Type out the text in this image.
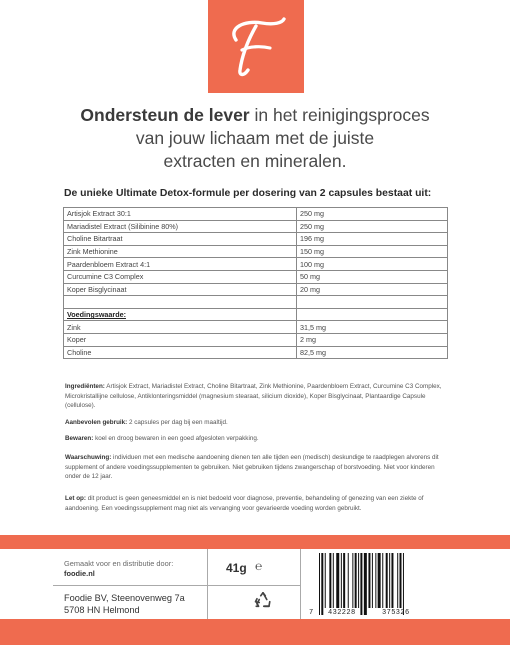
Ondersteun de lever in het reinigingsproces
van jouw lichaam met de juiste
extracten en mineralen.
De unieke Ultimate Detox-formule per dosering van 2 capsules bestaat uit:
Artisjok Extract 30:1	250 mg
Mariadistel Extract (Silibinine 80%)	250 mg
Choline Bitartraat	196 mg
Zink Methionine	150 mg
Paardenbloem Extract 4:1	100 mg
Curcumine C3 Complex	50 mg
Koper Bisglycinaat	20 mg

Voedingswaarde:	
Zink	31,5 mg
Koper	2 mg
Choline	82,5 mg
Ingrediënten: Artisjok Extract, Mariadistel Extract, Choline Bitartraat, Zink Methionine, Paardenbloem Extract, Curcumine C3 Complex, Microkristallijne cellulose, Antiklonteringsmiddel (magnesium stearaat, silicium dioxide), Koper Bisglycinaat, Plantaardige Capsule (cellulose).
Aanbevolen gebruik: 2 capsules per dag bij een maaltijd.
Bewaren: koel en droog bewaren in een goed afgesloten verpakking.
Waarschuwing: individuen met een medische aandoening dienen ten alle tijden een (medisch) deskundige te raadplegen alvorens dit supplement of andere voedingssupplementen te gebruiken. Niet gebruiken tijdens zwangerschap of borstvoeding. Niet voor kinderen onder de 12 jaar.
Let op: dit product is geen geneesmiddel en is niet bedoeld voor diagnose, preventie, behandeling of genezing van een ziekte of aandoening. Een voedingssupplement mag niet als vervanging voor gevarieerde voeding worden gebruikt.
Gemaakt voor en distributie door:
foodie.nl	41g ℮
Foodie BV, Steenovenweg 7a
5708 HN Helmond	7 432228	375326
